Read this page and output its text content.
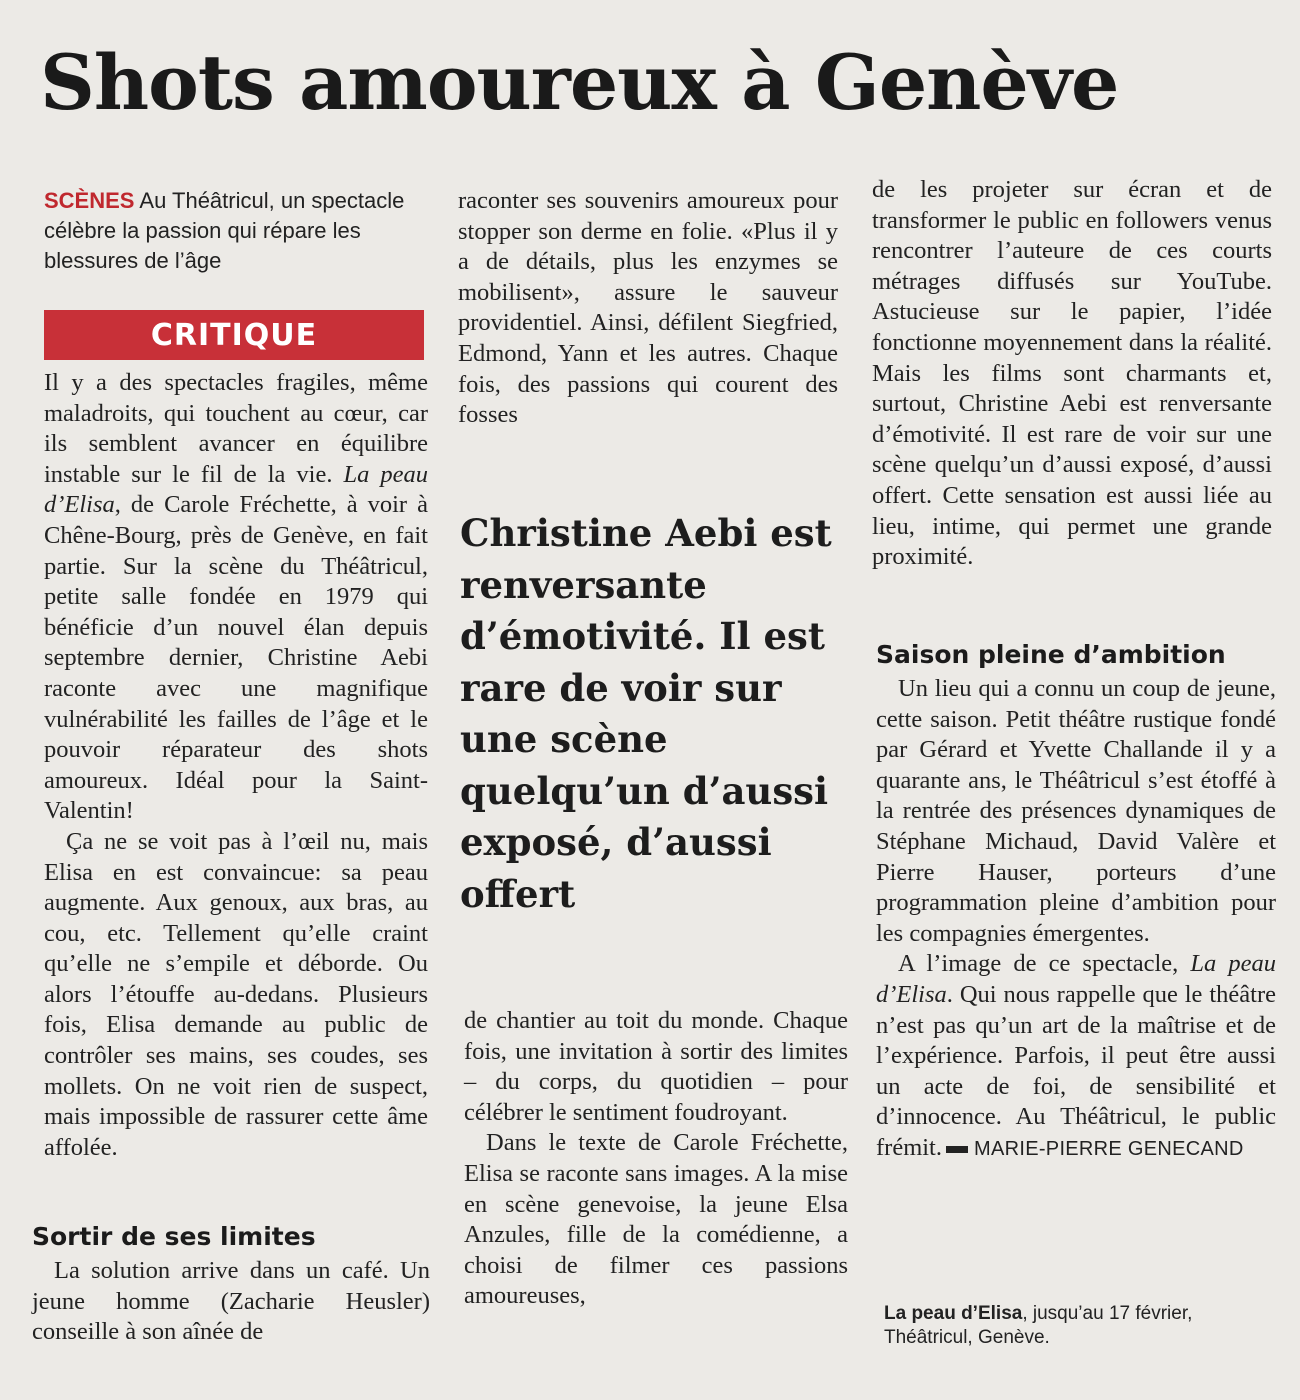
Shots amoureux à Genève
SCÈNES Au Théâtricul, un spectacle célèbre la passion qui répare les blessures de l’âge
CRITIQUE

Il y a des spectacles fragiles, même maladroits, qui touchent au cœur, car ils semblent avancer en équilibre instable sur le fil de la vie. La peau d’Elisa, de Carole Fréchette, à voir à Chêne-Bourg, près de Genève, en fait partie. Sur la scène du Théâtricul, petite salle fondée en 1979 qui bénéficie d’un nouvel élan depuis septembre dernier, Christine Aebi raconte avec une magnifique vulnérabilité les failles de l’âge et le pouvoir réparateur des shots amoureux. Idéal pour la Saint-Valentin!

Ça ne se voit pas à l’œil nu, mais Elisa en est convaincue: sa peau augmente. Aux genoux, aux bras, au cou, etc. Tellement qu’elle craint qu’elle ne s’empile et déborde. Ou alors l’étouffe au-dedans. Plusieurs fois, Elisa demande au public de contrôler ses mains, ses coudes, ses mollets. On ne voit rien de suspect, mais impossible de rassurer cette âme affolée.

Sortir de ses limites

La solution arrive dans un café. Un jeune homme (Zacharie Heusler) conseille à son aînée de

raconter ses souvenirs amoureux pour stopper son derme en folie. «Plus il y a de détails, plus les enzymes se mobilisent», assure le sauveur providentiel. Ainsi, défilent Siegfried, Edmond, Yann et les autres. Chaque fois, des passions qui courent des fosses

Christine Aebi est renversante d’émotivité. Il est rare de voir sur une scène quelqu’un d’aussi exposé, d’aussi offert

de chantier au toit du monde. Chaque fois, une invitation à sortir des limites – du corps, du quotidien – pour célébrer le sentiment foudroyant.

Dans le texte de Carole Fréchette, Elisa se raconte sans images. A la mise en scène genevoise, la jeune Elsa Anzules, fille de la comédienne, a choisi de filmer ces passions amoureuses,

de les projeter sur écran et de transformer le public en followers venus rencontrer l’auteure de ces courts métrages diffusés sur YouTube. Astucieuse sur le papier, l’idée fonctionne moyennement dans la réalité. Mais les films sont charmants et, surtout, Christine Aebi est renversante d’émotivité. Il est rare de voir sur une scène quelqu’un d’aussi exposé, d’aussi offert. Cette sensation est aussi liée au lieu, intime, qui permet une grande proximité.

Saison pleine d’ambition

Un lieu qui a connu un coup de jeune, cette saison. Petit théâtre rustique fondé par Gérard et Yvette Challande il y a quarante ans, le Théâtricul s’est étoffé à la rentrée des présences dynamiques de Stéphane Michaud, David Valère et Pierre Hauser, porteurs d’une programmation pleine d’ambition pour les compagnies émergentes.

A l’image de ce spectacle, La peau d’Elisa. Qui nous rappelle que le théâtre n’est pas qu’un art de la maîtrise et de l’expérience. Parfois, il peut être aussi un acte de foi, de sensibilité et d’innocence. Au Théâtricul, le public frémit. MARIE-PIERRE GENECAND

La peau d’Elisa, jusqu’au 17 février, Théâtricul, Genève.
